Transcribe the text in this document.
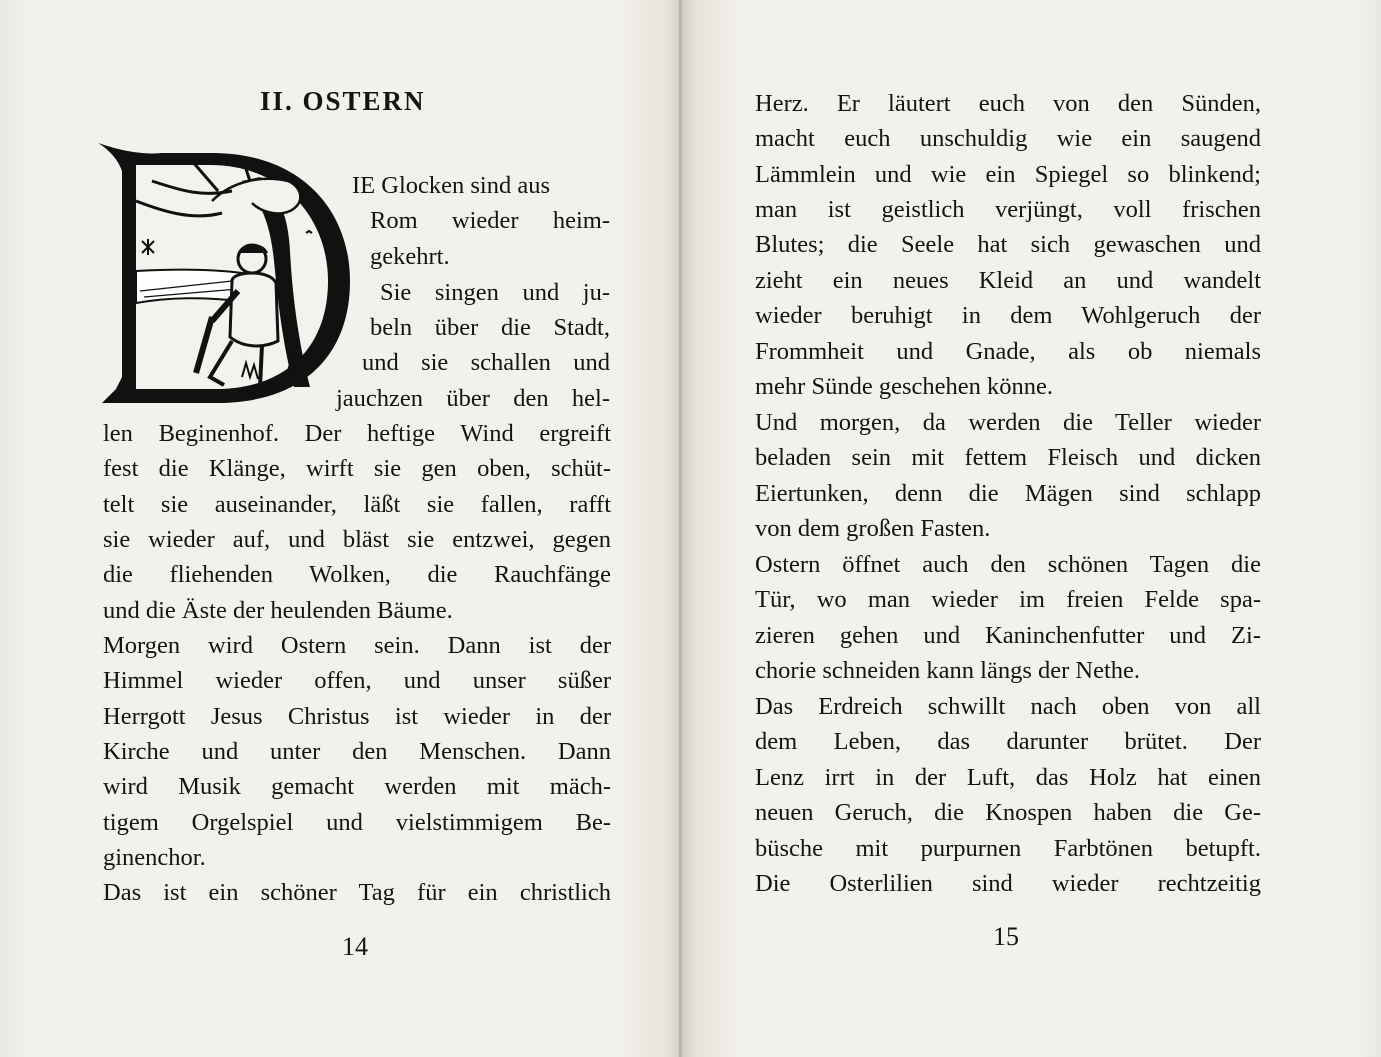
II. OSTERN

IE Glocken sind aus

Rom wieder heim-

gekehrt.

Sie singen und ju-

beln über die Stadt,

und sie schallen und

jauchzen über den hel-

len Beginenhof. Der heftige Wind ergreift

fest die Klänge, wirft sie gen oben, schüt-

telt sie auseinander, läßt sie fallen, rafft

sie wieder auf, und bläst sie entzwei, gegen

die fliehenden Wolken, die Rauchfänge

und die Äste der heulenden Bäume.

Morgen wird Ostern sein. Dann ist der

Himmel wieder offen, und unser süßer

Herrgott Jesus Christus ist wieder in der

Kirche und unter den Menschen. Dann

wird Musik gemacht werden mit mäch-

tigem Orgelspiel und vielstimmigem Be-

ginenchor.

Das ist ein schöner Tag für ein christlich

14

Herz. Er läutert euch von den Sünden,

macht euch unschuldig wie ein saugend

Lämmlein und wie ein Spiegel so blinkend;

man ist geistlich verjüngt, voll frischen

Blutes; die Seele hat sich gewaschen und

zieht ein neues Kleid an und wandelt

wieder beruhigt in dem Wohlgeruch der

Frommheit und Gnade, als ob niemals

mehr Sünde geschehen könne.

Und morgen, da werden die Teller wieder

beladen sein mit fettem Fleisch und dicken

Eiertunken, denn die Mägen sind schlapp

von dem großen Fasten.

Ostern öffnet auch den schönen Tagen die

Tür, wo man wieder im freien Felde spa-

zieren gehen und Kaninchenfutter und Zi-

chorie schneiden kann längs der Nethe.

Das Erdreich schwillt nach oben von all

dem Leben, das darunter brütet. Der

Lenz irrt in der Luft, das Holz hat einen

neuen Geruch, die Knospen haben die Ge-

büsche mit purpurnen Farbtönen betupft.

Die Osterlilien sind wieder rechtzeitig

15
